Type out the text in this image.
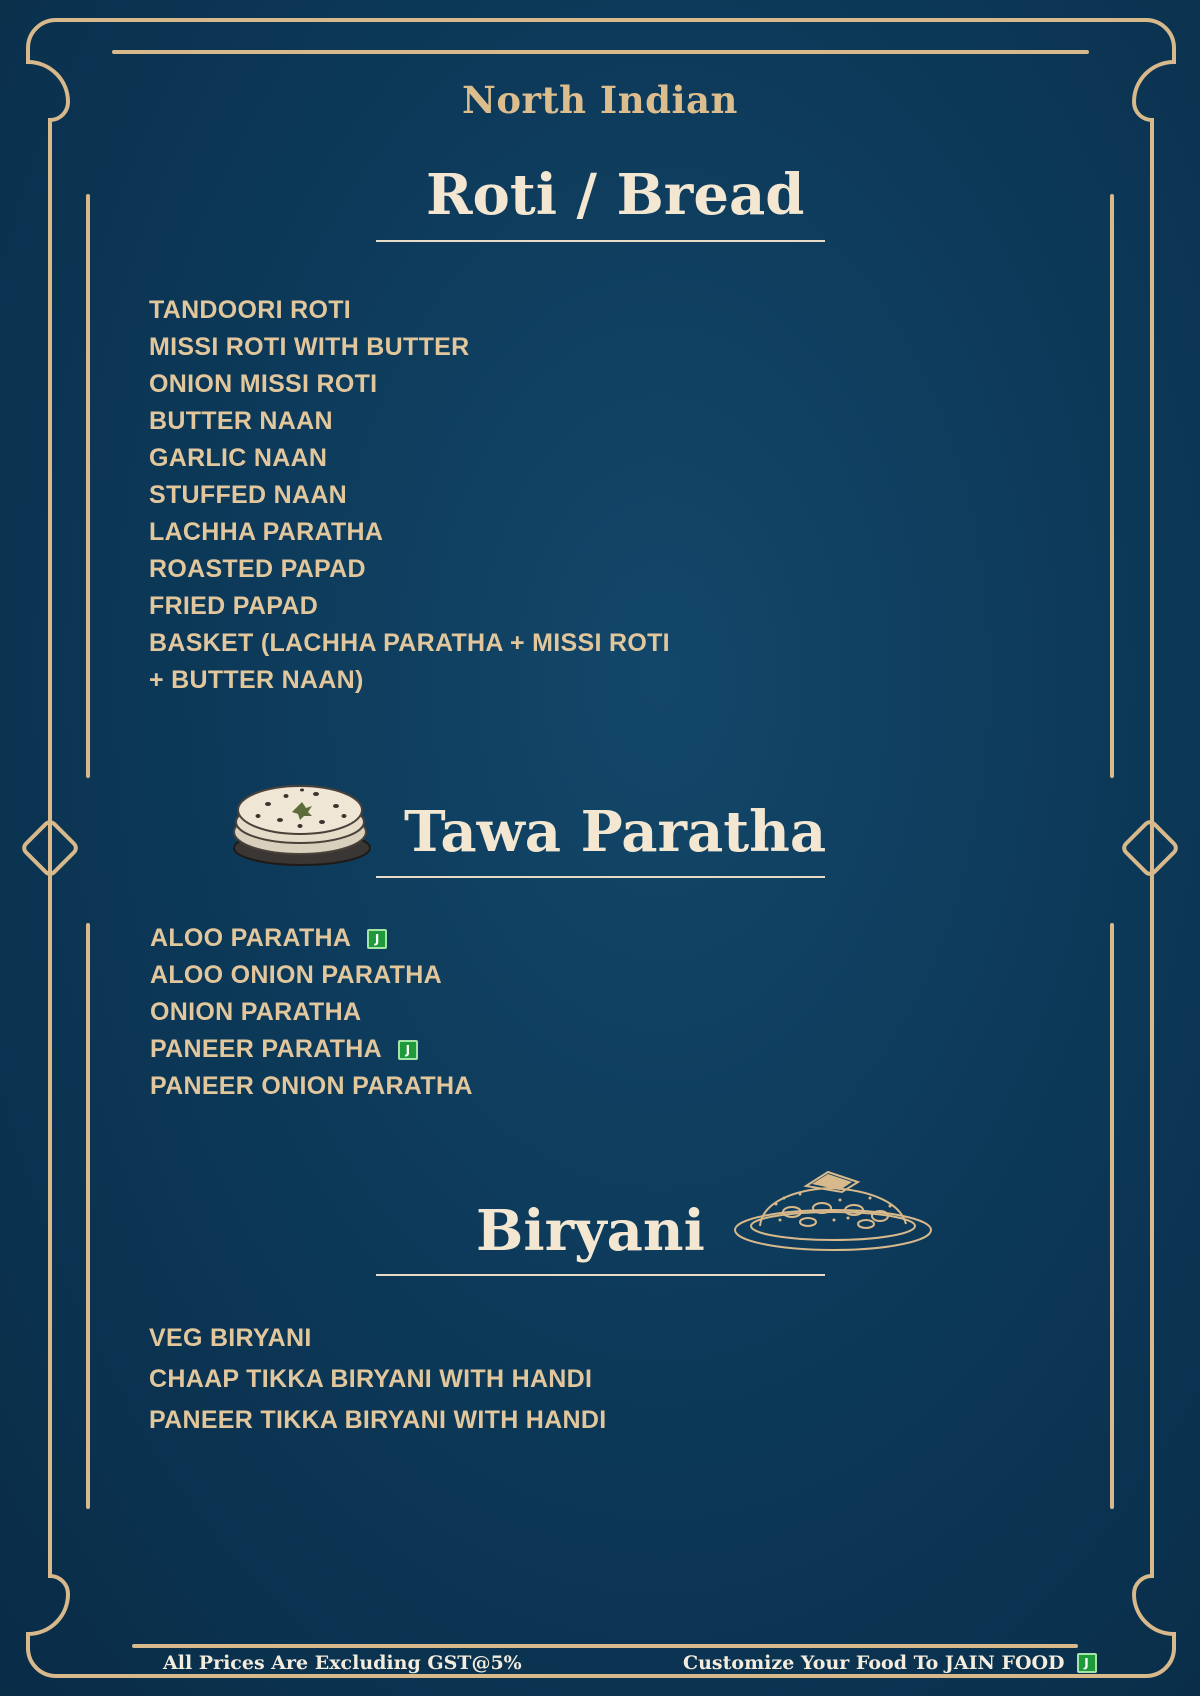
North Indian
Roti / Bread
TANDOORI ROTI
MISSI ROTI WITH BUTTER
ONION MISSI ROTI
BUTTER NAAN
GARLIC NAAN
STUFFED NAAN
LACHHA PARATHA
ROASTED PAPAD
FRIED PAPAD
BASKET (LACHHA PARATHA + MISSI ROTI
+ BUTTER NAAN)
Tawa Paratha
ALOO PARATHA	J
ALOO ONION PARATHA
ONION PARATHA
PANEER PARATHA	J
PANEER ONION PARATHA
Biryani
VEG BIRYANI
CHAAP TIKKA BIRYANI WITH HANDI
PANEER TIKKA BIRYANI WITH HANDI
All Prices Are Excluding GST@5%	Customize Your Food To JAIN FOOD	J
